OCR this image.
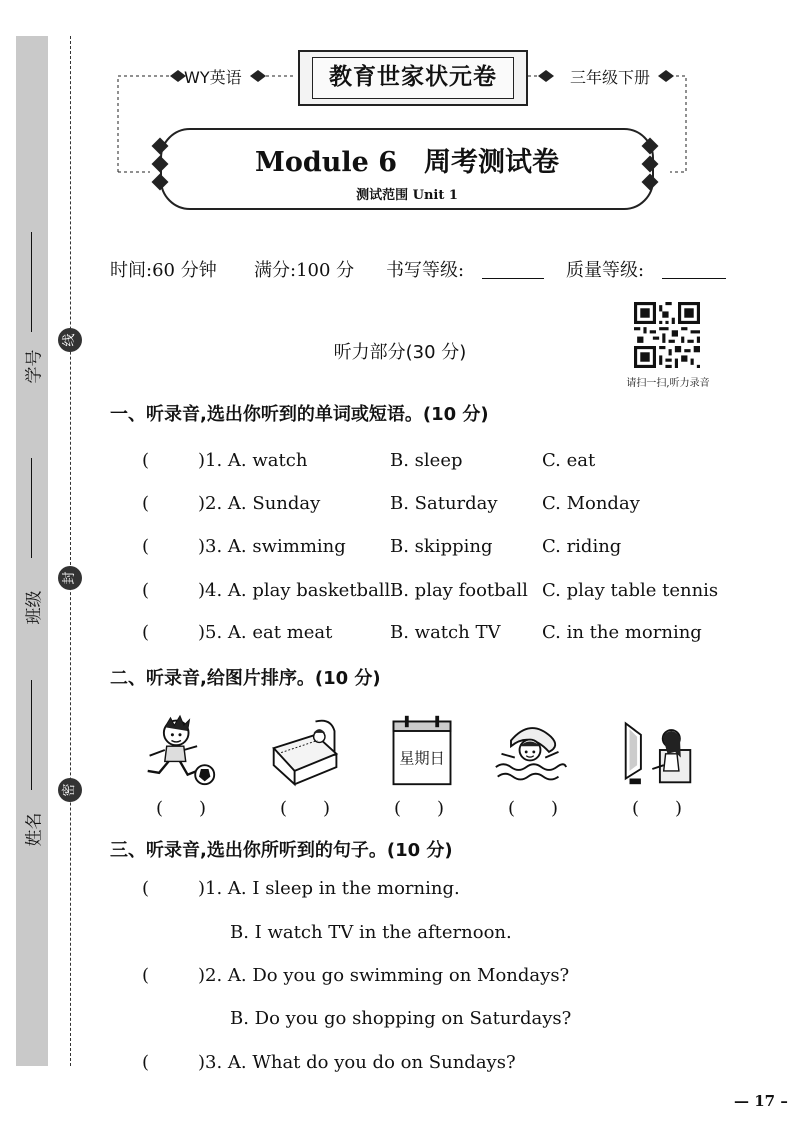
学号
班级
姓名
线
封
密
WY英语	三年级下册
教育世家状元卷
Module 6　周考测试卷
测试范围 Unit 1
时间:60 分钟 满分:100 分 书写等级:	质量等级:
请扫一扫,听力录音
听力部分(30 分)
一、听录音,选出你听到的单词或短语。(10 分)
(	)1. A. watch	B. sleep	C. eat
(	)2. A. Sunday	B. Saturday C. Monday
(	)3. A. swimming B. skipping	C. riding
(	)4. A. play basketball B. play football C. play table tennis
(	)5. A. eat meat	B. watch TV C. in the morning
二、听录音,给图片排序。(10 分)
星期日
(　　)	(　　)	(　　)	(　　)	(　　)
三、听录音,选出你所听到的句子。(10 分)
(	)1. A. I sleep in the morning.
B. I watch TV in the afternoon.
(	)2. A. Do you go swimming on Mondays?
B. Do you go shopping on Saturdays?
(	)3. A. What do you do on Sundays?
— 17 –
